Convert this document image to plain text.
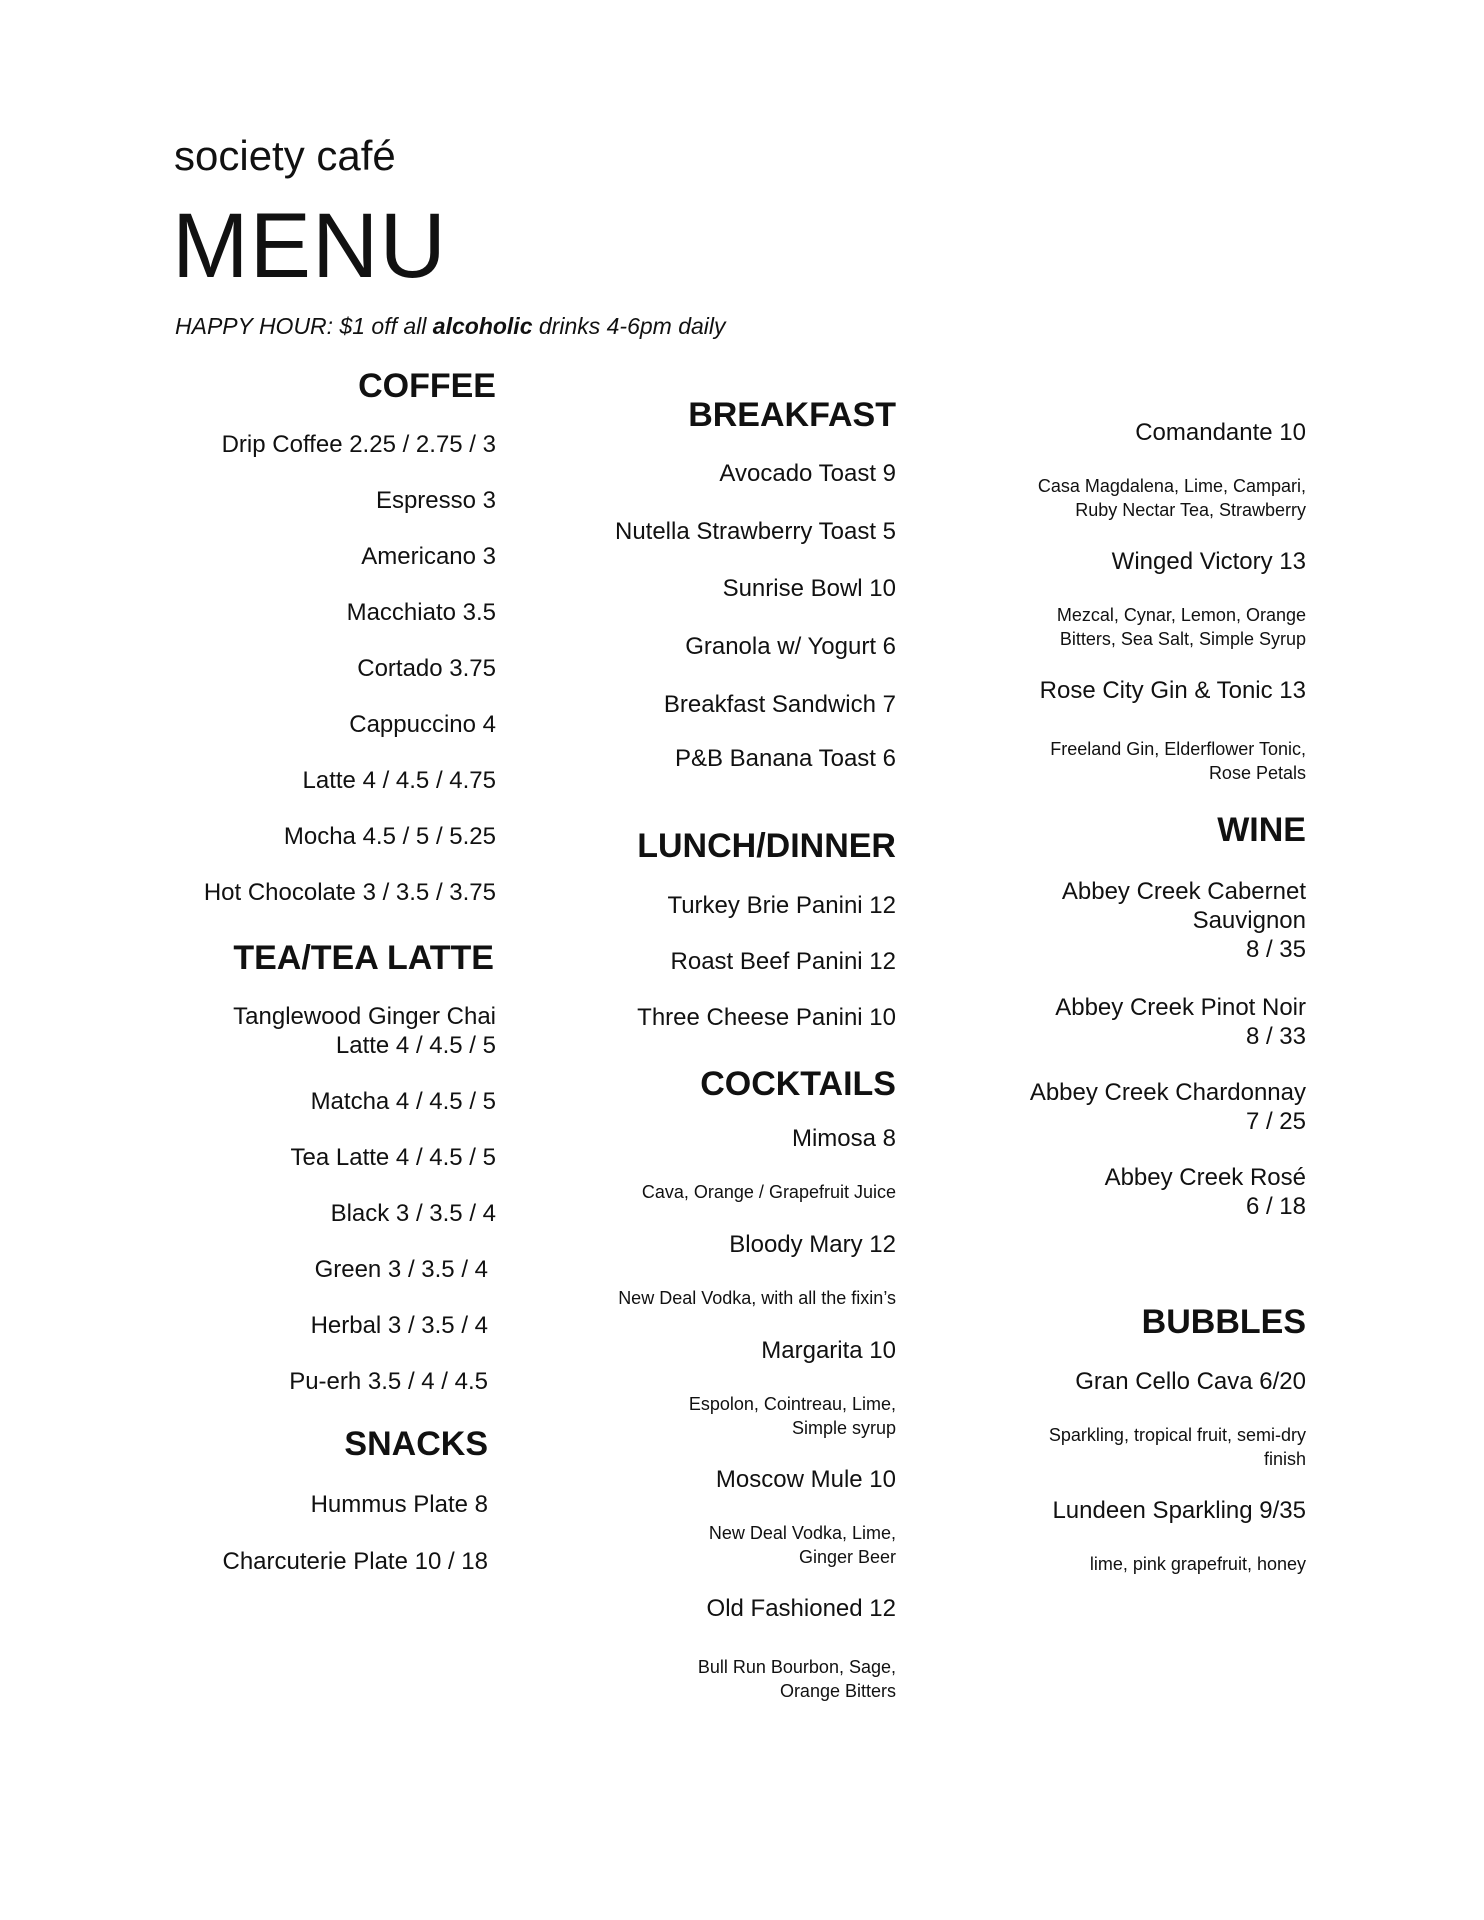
society café
MENU
HAPPY HOUR: $1 off all alcoholic drinks 4-6pm daily
COFFEE
Drip Coffee 2.25 / 2.75 / 3
Espresso 3
Americano 3
Macchiato 3.5
Cortado 3.75
Cappuccino 4
Latte 4 / 4.5 / 4.75
Mocha 4.5 / 5 / 5.25
Hot Chocolate 3 / 3.5 / 3.75
TEA/TEA LATTE
Tanglewood Ginger Chai
Latte 4 / 4.5 / 5
Matcha 4 / 4.5 / 5
Tea Latte 4 / 4.5 / 5
Black 3 / 3.5 / 4
Green 3 / 3.5 / 4
Herbal 3 / 3.5 / 4
Pu-erh 3.5 / 4 / 4.5
SNACKS
Hummus Plate 8
Charcuterie Plate 10 / 18
BREAKFAST
Avocado Toast 9
Nutella Strawberry Toast 5
Sunrise Bowl 10
Granola w/ Yogurt 6
Breakfast Sandwich 7
P&B Banana Toast 6
LUNCH/DINNER
Turkey Brie Panini 12
Roast Beef Panini 12
Three Cheese Panini 10
COCKTAILS
Mimosa 8
Cava, Orange / Grapefruit Juice
Bloody Mary 12
New Deal Vodka, with all the fixin’s
Margarita 10
Espolon, Cointreau, Lime,
Simple syrup
Moscow Mule 10
New Deal Vodka, Lime,
Ginger Beer
Old Fashioned 12
Bull Run Bourbon, Sage,
Orange Bitters
Comandante 10
Casa Magdalena, Lime, Campari,
Ruby Nectar Tea, Strawberry
Winged Victory 13
Mezcal, Cynar, Lemon, Orange
Bitters, Sea Salt, Simple Syrup
Rose City Gin & Tonic 13
Freeland Gin, Elderflower Tonic,
Rose Petals
WINE
Abbey Creek Cabernet
Sauvignon
8 / 35
Abbey Creek Pinot Noir
8 / 33
Abbey Creek Chardonnay
7 / 25
Abbey Creek Rosé
6 / 18
BUBBLES
Gran Cello Cava 6/20
Sparkling, tropical fruit, semi-dry
finish
Lundeen Sparkling 9/35
lime, pink grapefruit, honey
